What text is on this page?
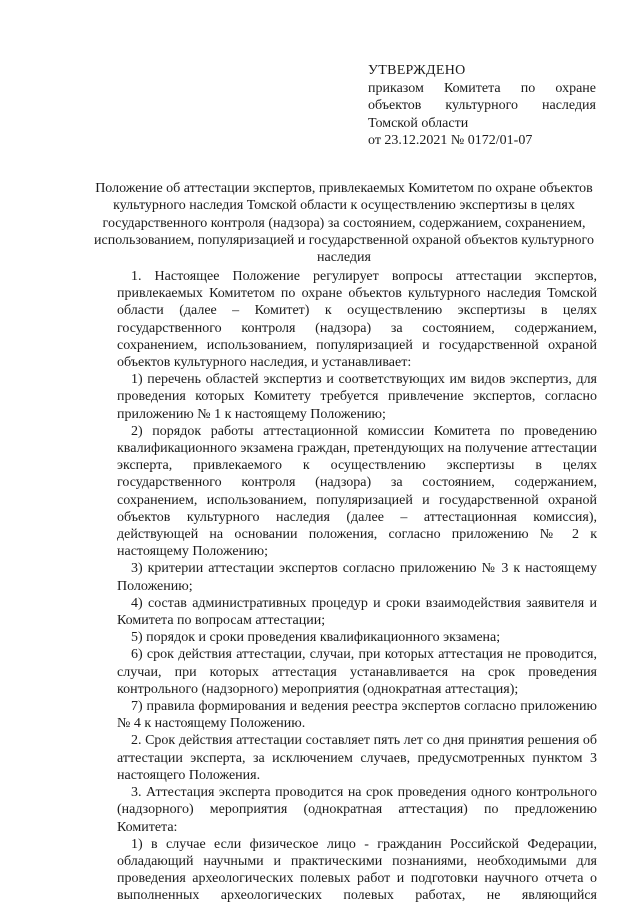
УТВЕРЖДЕНО
приказом Комитета по охране
объектов культурного наследия
Томской области
от 23.12.2021 № 0172/01-07
Положение об аттестации экспертов, привлекаемых Комитетом по охране объектов культурного наследия Томской области к осуществлению экспертизы в целях государственного контроля (надзора) за состоянием, содержанием, сохранением, использованием, популяризацией и государственной охраной объектов культурного наследия

1. Настоящее Положение регулирует вопросы аттестации экспертов, привлекаемых Комитетом по охране объектов культурного наследия Томской области (далее – Комитет) к осуществлению экспертизы в целях государственного контроля (надзора) за состоянием, содержанием, сохранением, использованием, популяризацией и государственной охраной объектов культурного наследия, и устанавливает:

1) перечень областей экспертиз и соответствующих им видов экспертиз, для проведения которых Комитету требуется привлечение экспертов, согласно приложению № 1 к настоящему Положению;

2) порядок работы аттестационной комиссии Комитета по проведению квалификационного экзамена граждан, претендующих на получение аттестации эксперта, привлекаемого к осуществлению экспертизы в целях государственного контроля (надзора) за состоянием, содержанием, сохранением, использованием, популяризацией и государственной охраной объектов культурного наследия (далее – аттестационная комиссия), действующей на основании положения, согласно приложению № 2 к настоящему Положению;

3) критерии аттестации экспертов согласно приложению № 3 к настоящему Положению;

4) состав административных процедур и сроки взаимодействия заявителя и Комитета по вопросам аттестации;

5) порядок и сроки проведения квалификационного экзамена;

6) срок действия аттестации, случаи, при которых аттестация не проводится, случаи, при которых аттестация устанавливается на срок проведения контрольного (надзорного) мероприятия (однократная аттестация);

7) правила формирования и ведения реестра экспертов согласно приложению № 4 к настоящему Положению.

2. Срок действия аттестации составляет пять лет со дня принятия решения об аттестации эксперта, за исключением случаев, предусмотренных пунктом 3 настоящего Положения.

3. Аттестация эксперта проводится на срок проведения одного контрольного (надзорного) мероприятия (однократная аттестация) по предложению Комитета:

1) в случае если физическое лицо - гражданин Российской Федерации, обладающий научными и практическими познаниями, необходимыми для проведения археологических полевых работ и подготовки научного отчета о выполненных археологических полевых работах, не являющийся
